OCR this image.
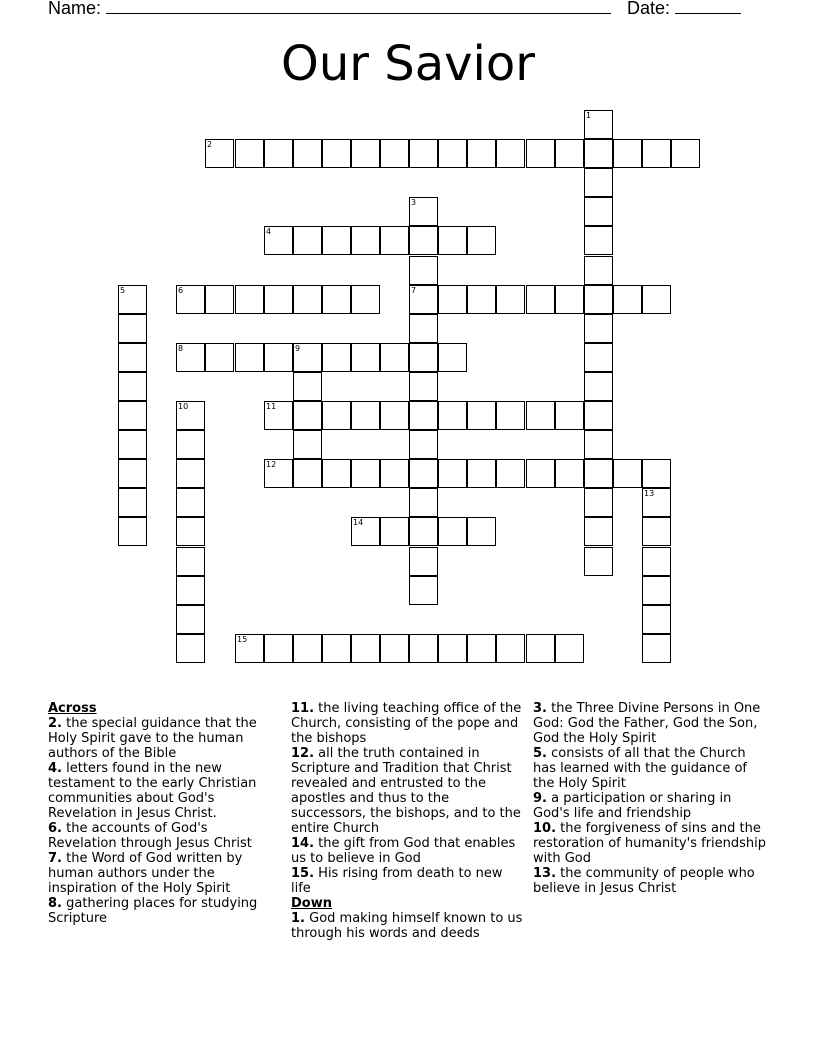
Name:	Date:
Our Savior
1
2
3
7
4
5	6
8	9
10	11
12
13
14
15
Across
2. the special guidance that the Holy Spirit gave to the human authors of the Bible
4. letters found in the new testament to the early Christian communities about God's Revelation in Jesus Christ.
6. the accounts of God's Revelation through Jesus Christ
7. the Word of God written by human authors under the inspiration of the Holy Spirit
8. gathering places for studying Scripture
11. the living teaching office of the Church, consisting of the pope and the bishops
12. all the truth contained in Scripture and Tradition that Christ revealed and entrusted to the apostles and thus to the successors, the bishops, and to the entire Church
14. the gift from God that enables us to believe in God
15. His rising from death to new life
Down
1. God making himself known to us through his words and deeds
3. the Three Divine Persons in One God: God the Father, God the Son, God the Holy Spirit
5. consists of all that the Church has learned with the guidance of the Holy Spirit
9. a participation or sharing in God's life and friendship
10. the forgiveness of sins and the restoration of humanity's friendship with God
13. the community of people who believe in Jesus Christ
